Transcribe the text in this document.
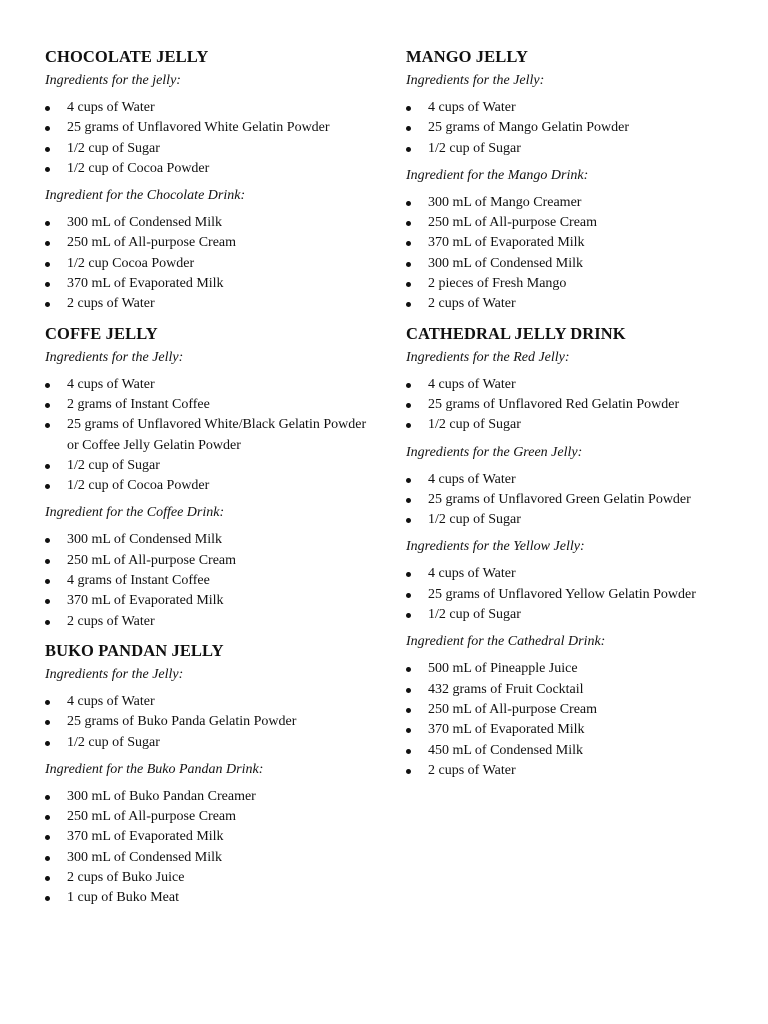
CHOCOLATE JELLY

Ingredients for the jelly:

4 cups of Water
25 grams of Unflavored White Gelatin Powder
1/2 cup of Sugar
1/2 cup of Cocoa Powder

Ingredient for the Chocolate Drink:

300 mL of Condensed Milk
250 mL of All-purpose Cream
1/2 cup Cocoa Powder
370 mL of Evaporated Milk
2 cups of Water
COFFE JELLY

Ingredients for the Jelly:

4 cups of Water
2 grams of Instant Coffee
25 grams of Unflavored White/Black Gelatin Powder or Coffee Jelly Gelatin Powder
1/2 cup of Sugar
1/2 cup of Cocoa Powder

Ingredient for the Coffee Drink:

300 mL of Condensed Milk
250 mL of All-purpose Cream
4 grams of Instant Coffee
370 mL of Evaporated Milk
2 cups of Water
BUKO PANDAN JELLY

Ingredients for the Jelly:

4 cups of Water
25 grams of Buko Panda Gelatin Powder
1/2 cup of Sugar

Ingredient for the Buko Pandan Drink:

300 mL of Buko Pandan Creamer
250 mL of All-purpose Cream
370 mL of Evaporated Milk
300 mL of Condensed Milk
2 cups of Buko Juice
1 cup of Buko Meat
MANGO JELLY

Ingredients for the Jelly:

4 cups of Water
25 grams of Mango Gelatin Powder
1/2 cup of Sugar

Ingredient for the Mango Drink:

300 mL of Mango Creamer
250 mL of All-purpose Cream
370 mL of Evaporated Milk
300 mL of Condensed Milk
2 pieces of Fresh Mango
2 cups of Water
CATHEDRAL JELLY DRINK

Ingredients for the Red Jelly:

4 cups of Water
25 grams of Unflavored Red Gelatin Powder
1/2 cup of Sugar

Ingredients for the Green Jelly:

4 cups of Water
25 grams of Unflavored Green Gelatin Powder
1/2 cup of Sugar

Ingredients for the Yellow Jelly:

4 cups of Water
25 grams of Unflavored Yellow Gelatin Powder
1/2 cup of Sugar

Ingredient for the Cathedral Drink:

500 mL of Pineapple Juice
432 grams of Fruit Cocktail
250 mL of All-purpose Cream
370 mL of Evaporated Milk
450 mL of Condensed Milk
2 cups of Water
